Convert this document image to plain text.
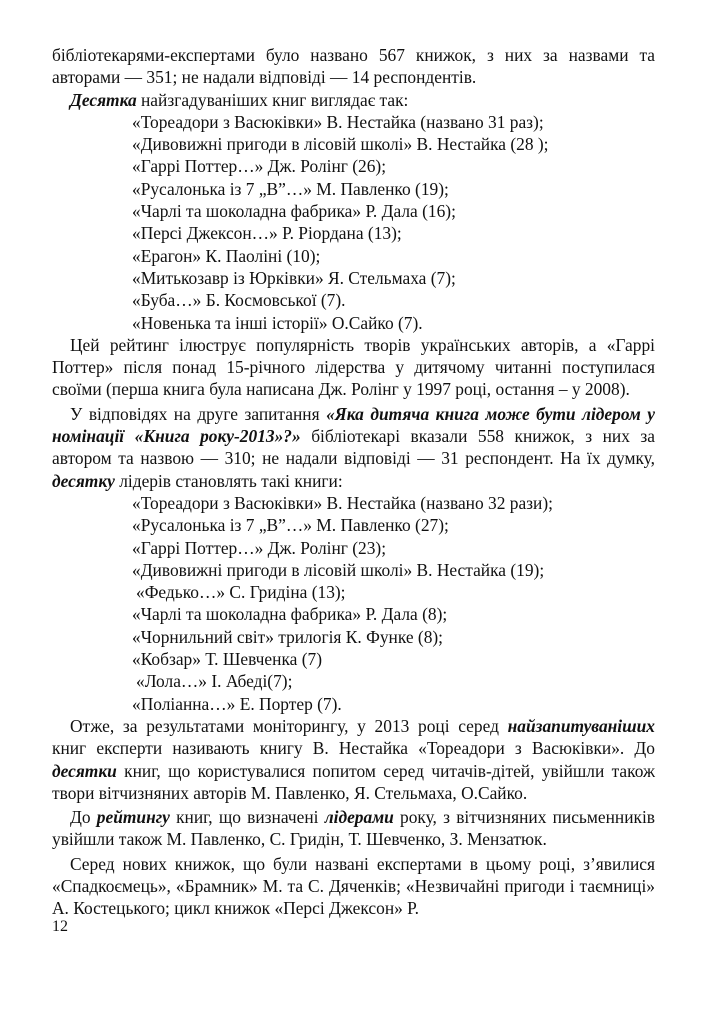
бібліотекарями-експертами було названо 567 книжок, з них за назвами та авторами — 351; не надали відповіді — 14 респондентів.

Десятка найзгадуваніших книг виглядає так:

«Тореадори з Васюківки» В. Нестайка (названо 31 раз);
«Дивовижні пригоди в лісовій школі» В. Нестайка (28 );
«Гаррі Поттер…» Дж. Ролінг (26);
«Русалонька із 7 „В”…» М. Павленко (19);
«Чарлі та шоколадна фабрика» Р. Дала (16);
«Персі Джексон…» Р. Ріордана (13);
«Ерагон» К. Паоліні (10);
«Митькозавр із Юрківки» Я. Стельмаха (7);
«Буба…» Б. Космовської (7).
«Новенька та інші історії» О.Сайко (7).

Цей рейтинг ілюструє популярність творів українських авторів, а «Гаррі Поттер» після понад 15-річного лідерства у дитячому читанні поступилася своїми (перша книга була написана Дж. Ролінг у 1997 році, остання – у 2008).

У відповідях на друге запитання «Яка дитяча книга може бути лідером у номінації «Книга року-2013»?» бібліотекарі вказали 558 книжок, з них за автором та назвою — 310; не надали відповіді — 31 респондент. На їх думку, десятку лідерів становлять такі книги:

«Тореадори з Васюківки» В. Нестайка (названо 32 рази);
«Русалонька із 7 „В”…» М. Павленко (27);
«Гаррі Поттер…» Дж. Ролінг (23);
«Дивовижні пригоди в лісовій школі» В. Нестайка (19);
«Федько…» С. Гридіна (13);
«Чарлі та шоколадна фабрика» Р. Дала (8);
«Чорнильний світ» трилогія К. Функе (8);
«Кобзар» Т. Шевченка (7)
«Лола…» І. Абеді(7);
«Поліанна…» Е. Портер (7).

Отже, за результатами моніторингу, у 2013 році серед найзапитуваніших книг експерти називають книгу В. Нестайка «Тореадори з Васюківки». До десятки книг, що користувалися попитом серед читачів-дітей, увійшли також твори вітчизняних авторів М. Павленко, Я. Стельмаха, О.Сайко.

До рейтингу книг, що визначені лідерами року, з вітчизняних письменників увійшли також М. Павленко, С. Гридін, Т. Шевченко, З. Мензатюк.

Серед нових книжок, що були названі експертами в цьому році, з’явилися «Спадкоємець», «Брамник» М. та С. Дяченків; «Незвичайні пригоди і таємниці» А. Костецького; цикл книжок «Персі Джексон» Р.

12
